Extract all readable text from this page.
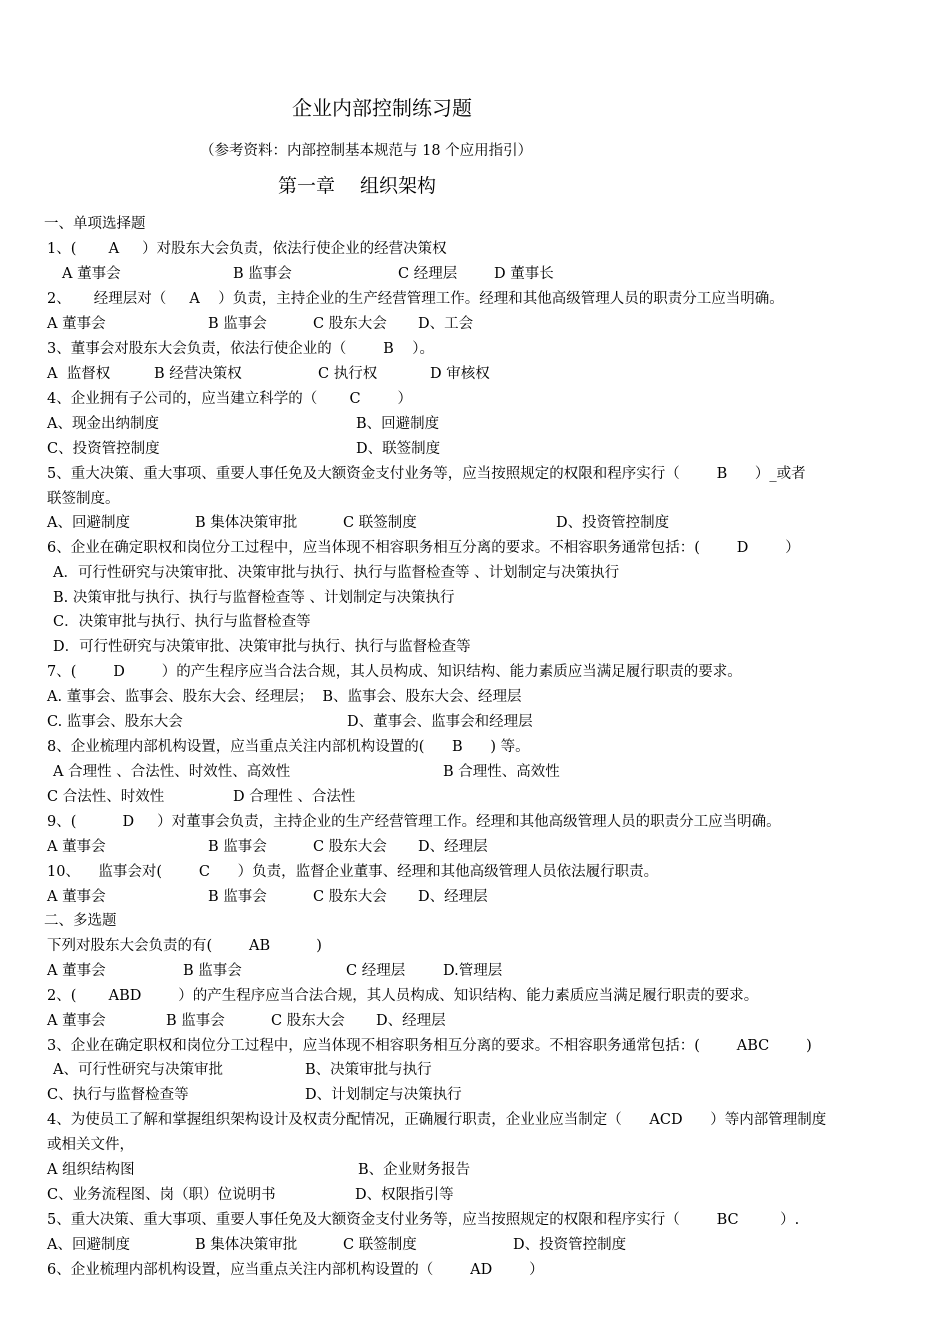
企业内部控制练习题
（参考资料：内部控制基本规范与 18 个应用指引）
第一章　 组织架构
一、单项选择题
1、(       A     ）对股东大会负责，依法行使企业的经营决策权
A 董事会	B 监事会	C 经理层	D 董事长
2、     经理层对（     A    ）负责，主持企业的生产经营管理工作。经理和其他高级管理人员的职责分工应当明确。
A 董事会	B 监事会	C 股东大会 D、工会
3、董事会对股东大会负责，依法行使企业的（        B    ）。
A  监督权	B 经营决策权	C 执行权	D 审核权
4、企业拥有子公司的，应当建立科学的（       C        ）
A、现金出纳制度	B、回避制度
C、投资管控制度	D、联签制度
5、重大决策、重大事项、重要人事任免及大额资金支付业务等，应当按照规定的权限和程序实行（        B      ）_或者
联签制度。
A、回避制度	B 集体决策审批	C 联签制度	D、投资管控制度
6、企业在确定职权和岗位分工过程中，应当体现不相容职务相互分离的要求。不相容职务通常包括：(        D        ）
A．可行性研究与决策审批、决策审批与执行、执行与监督检查等 、计划制定与决策执行
B. 决策审批与执行、执行与监督检查等 、计划制定与决策执行
C．决策审批与执行、执行与监督检查等
D．可行性研究与决策审批、决策审批与执行、执行与监督检查等
7、(        D        ）的产生程序应当合法合规，其人员构成、知识结构、能力素质应当满足履行职责的要求。
A. 董事会、监事会、股东大会、经理层；  B、监事会、股东大会、经理层
C. 监事会、股东大会	D、董事会、监事会和经理层
8、企业梳理内部机构设置，应当重点关注内部机构设置的(      B      ) 等。
A 合理性 、合法性、时效性、高效性	B 合理性、高效性
C 合法性、时效性	D 合理性 、合法性
9、(          D     ）对董事会负责，主持企业的生产经营管理工作。经理和其他高级管理人员的职责分工应当明确。
A 董事会	B 监事会	C 股东大会 D、经理层
10、    监事会对(        C      ）负责，监督企业董事、经理和其他高级管理人员依法履行职责。
A 董事会	B 监事会	C 股东大会 D、经理层
二、多选题
下列对股东大会负责的有(        AB          )
A 董事会	B 监事会	C 经理层	D.管理层
2、(       ABD        ）的产生程序应当合法合规，其人员构成、知识结构、能力素质应当满足履行职责的要求。
A 董事会	B 监事会	C 股东大会 D、经理层
3、企业在确定职权和岗位分工过程中，应当体现不相容职务相互分离的要求。不相容职务通常包括：(        ABC        )
A、可行性研究与决策审批	B、决策审批与执行
C、执行与监督检查等	D、计划制定与决策执行
4、为使员工了解和掌握组织架构设计及权责分配情况，正确履行职责，企业业应当制定（      ACD      ）等内部管理制度
或相关文件，
A 组织结构图	B、企业财务报告
C、业务流程图、岗（职）位说明书	D、权限指引等
5、重大决策、重大事项、重要人事任免及大额资金支付业务等，应当按照规定的权限和程序实行（        BC         ）.
A、回避制度	B 集体决策审批	C 联签制度	D、投资管控制度
6、企业梳理内部机构设置，应当重点关注内部机构设置的（        AD        ）
